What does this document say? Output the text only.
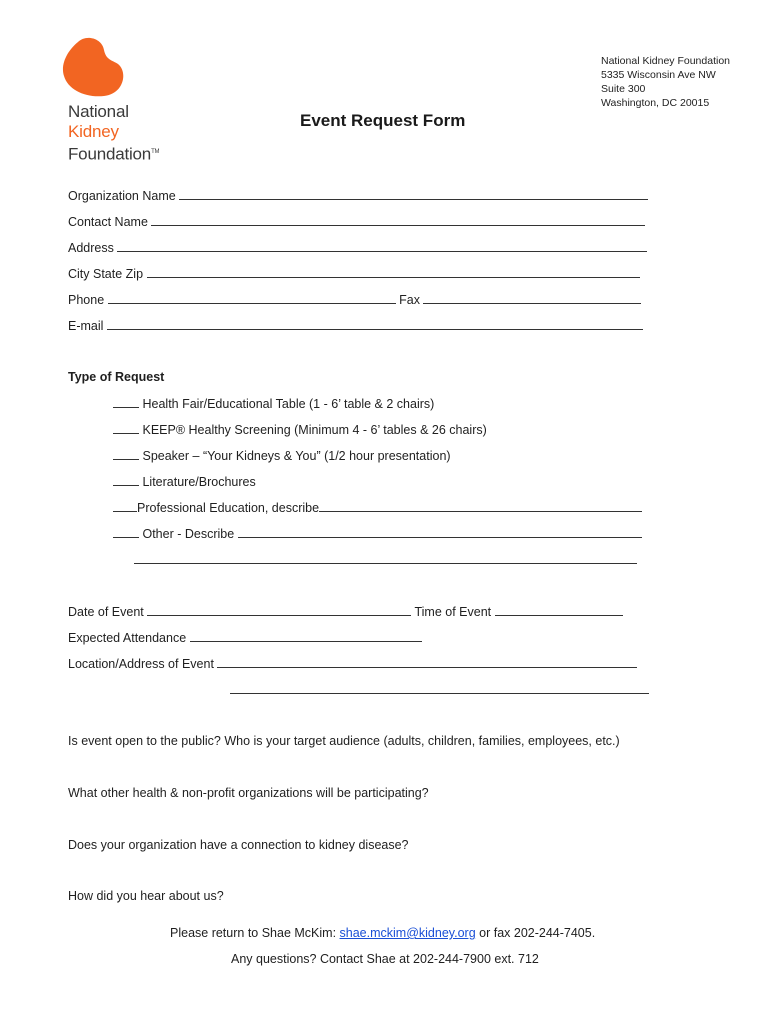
National
Kidney
Foundation™
National Kidney Foundation
5335 Wisconsin Ave NW
Suite 300
Washington, DC 20015
Event Request Form
Organization Name
Contact Name
Address
City State Zip
Phone	Fax
E-mail
Type of Request
Health Fair/Educational Table (1 - 6’ table & 2 chairs)
KEEP® Healthy Screening (Minimum 4 - 6’ tables & 26 chairs)
Speaker – “Your Kidneys & You” (1/2 hour presentation)
Literature/Brochures
Professional Education, describe
Other - Describe
Date of Event	Time of Event
Expected Attendance
Location/Address of Event
Is event open to the public? Who is your target audience (adults, children, families, employees, etc.)
What other health & non-profit organizations will be participating?
Does your organization have a connection to kidney disease?
How did you hear about us?
Please return to Shae McKim: shae.mckim@kidney.org or fax 202-244-7405.
Any questions? Contact Shae at 202-244-7900 ext. 712
